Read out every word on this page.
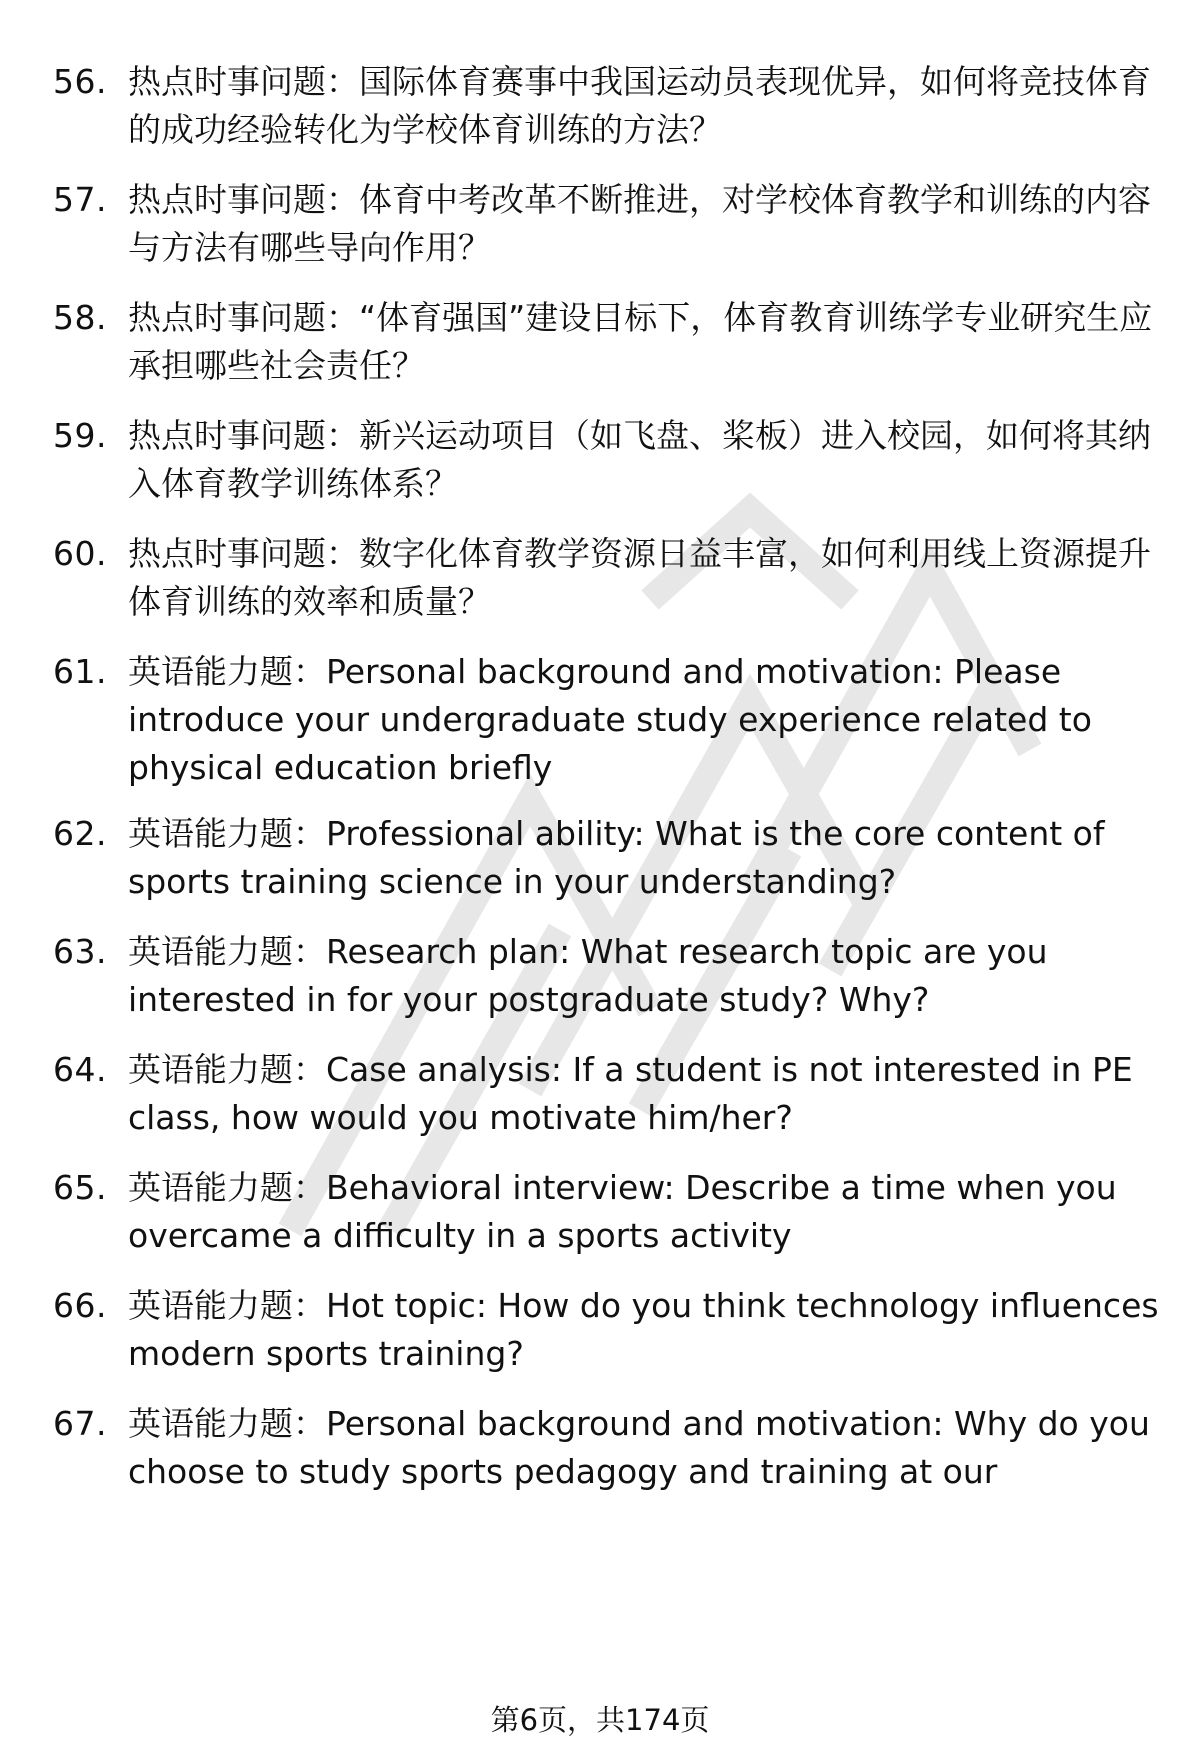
56. 热点时事问题：国际体育赛事中我国运动员表现优异，如何将竞技体育的成功经验转化为学校体育训练的方法？
57. 热点时事问题：体育中考改革不断推进，对学校体育教学和训练的内容与方法有哪些导向作用？
58. 热点时事问题：“体育强国”建设目标下，体育教育训练学专业研究生应承担哪些社会责任？
59. 热点时事问题：新兴运动项目（如飞盘、桨板）进入校园，如何将其纳入体育教学训练体系？
60. 热点时事问题：数字化体育教学资源日益丰富，如何利用线上资源提升体育训练的效率和质量？
61. 英语能力题：Personal background and motivation: Please introduce your undergraduate study experience related to physical education briefly
62. 英语能力题：Professional ability: What is the core content of sports training science in your understanding?
63. 英语能力题：Research plan: What research topic are you interested in for your postgraduate study? Why?
64. 英语能力题：Case analysis: If a student is not interested in PE class, how would you motivate him/her?
65. 英语能力题：Behavioral interview: Describe a time when you overcame a difficulty in a sports activity
66. 英语能力题：Hot topic: How do you think technology influences modern sports training?
67. 英语能力题：Personal background and motivation: Why do you choose to study sports pedagogy and training at our
第6页，共174页
